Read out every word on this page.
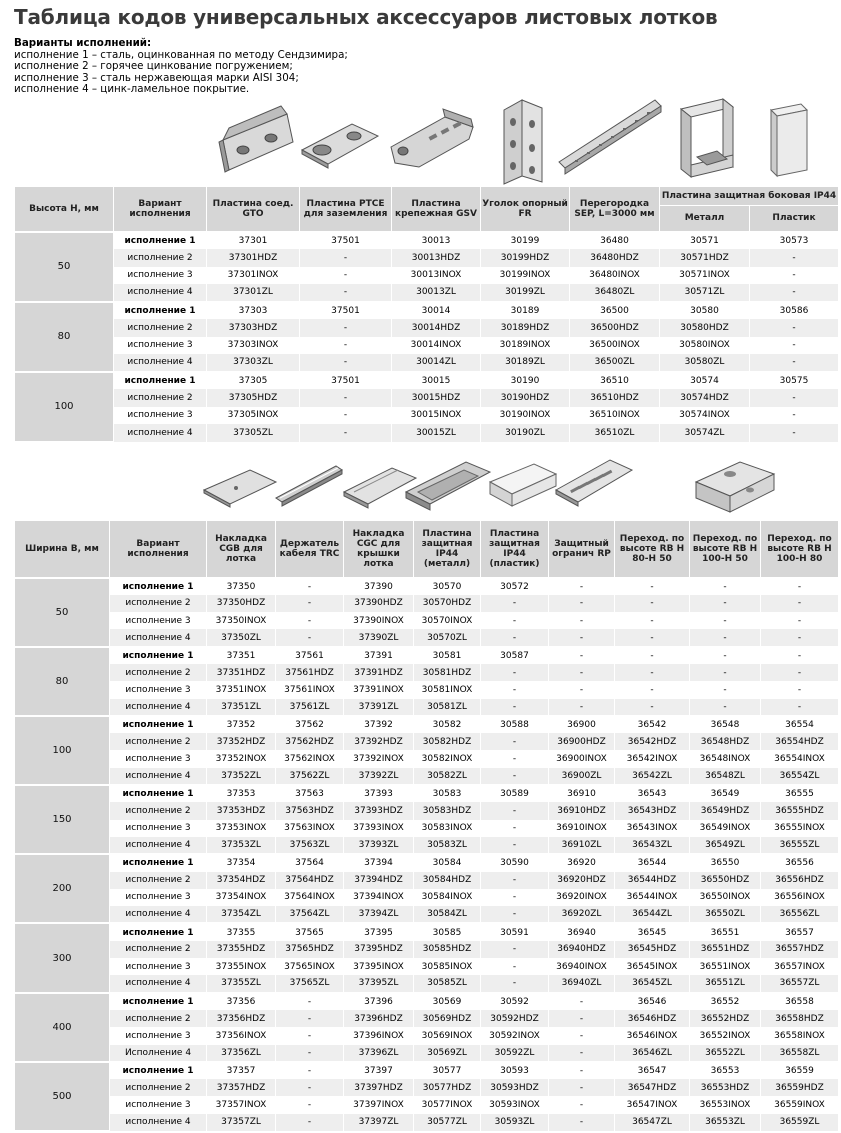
Таблица кодов универсальных аксессуаров листовых лотков
Варианты исполнений:
исполнение 1 – сталь, оцинкованная по методу Сендзимира;
исполнение 2 – горячее цинкование погружением;
исполнение 3 – сталь нержавеющая марки AISI 304;
исполнение 4 – цинк-ламельное покрытие.
Высота H, мм	Вариант исполнения	Пластина соед. GTO	Пластина PTCE для заземления	Пластина крепежная GSV	Уголок опорный FR	Перегородка SEP, L=3000 мм	Пластина защитная боковая IP44	
							Металл	Пластик
50	исполнение 1	37301	37501	30013	30199	36480	30571	30573
	исполнение 2	37301HDZ	-	30013HDZ	30199HDZ	36480HDZ	30571HDZ	-
	исполнение 3	37301INOX	-	30013INOX	30199INOX	36480INOX	30571INOX	-
	исполнение 4	37301ZL	-	30013ZL	30199ZL	36480ZL	30571ZL	-
80	исполнение 1	37303	37501	30014	30189	36500	30580	30586
	исполнение 2	37303HDZ	-	30014HDZ	30189HDZ	36500HDZ	30580HDZ	-
	исполнение 3	37303INOX	-	30014INOX	30189INOX	36500INOX	30580INOX	-
	исполнение 4	37303ZL	-	30014ZL	30189ZL	36500ZL	30580ZL	-
100	исполнение 1	37305	37501	30015	30190	36510	30574	30575
	исполнение 2	37305HDZ	-	30015HDZ	30190HDZ	36510HDZ	30574HDZ	-
	исполнение 3	37305INOX	-	30015INOX	30190INOX	36510INOX	30574INOX	-
	исполнение 4	37305ZL	-	30015ZL	30190ZL	36510ZL	30574ZL	-
Ширина B, мм	Вариант исполнения	Накладка CGB для лотка	Держатель кабеля TRC	Накладка CGC для крышки лотка	Пластина защитная IP44 (металл)	Пластина защитная IP44 (пластик)	Защитный огранич RP	Переход. по высоте RB H 80-H 50	Переход. по высоте RB H 100-H 50	Переход. по высоте RB H 100-H 80
50	исполнение 1	37350	-	37390	30570	30572	-	-	-	-
	исполнение 2	37350HDZ	-	37390HDZ	30570HDZ	-	-	-	-	-
	исполнение 3	37350INOX	-	37390INOX	30570INOX	-	-	-	-	-
	исполнение 4	37350ZL	-	37390ZL	30570ZL	-	-	-	-	-
80	исполнение 1	37351	37561	37391	30581	30587	-	-	-	-
	исполнение 2	37351HDZ	37561HDZ	37391HDZ	30581HDZ	-	-	-	-	-
	исполнение 3	37351INOX	37561INOX	37391INOX	30581INOX	-	-	-	-	-
	исполнение 4	37351ZL	37561ZL	37391ZL	30581ZL	-	-	-	-	-
100	исполнение 1	37352	37562	37392	30582	30588	36900	36542	36548	36554
	исполнение 2	37352HDZ	37562HDZ	37392HDZ	30582HDZ	-	36900HDZ	36542HDZ	36548HDZ	36554HDZ
	исполнение 3	37352INOX	37562INOX	37392INOX	30582INOX	-	36900INOX	36542INOX	36548INOX	36554INOX
	исполнение 4	37352ZL	37562ZL	37392ZL	30582ZL	-	36900ZL	36542ZL	36548ZL	36554ZL
150	исполнение 1	37353	37563	37393	30583	30589	36910	36543	36549	36555
	исполнение 2	37353HDZ	37563HDZ	37393HDZ	30583HDZ	-	36910HDZ	36543HDZ	36549HDZ	36555HDZ
	исполнение 3	37353INOX	37563INOX	37393INOX	30583INOX	-	36910INOX	36543INOX	36549INOX	36555INOX
	исполнение 4	37353ZL	37563ZL	37393ZL	30583ZL	-	36910ZL	36543ZL	36549ZL	36555ZL
200	исполнение 1	37354	37564	37394	30584	30590	36920	36544	36550	36556
	исполнение 2	37354HDZ	37564HDZ	37394HDZ	30584HDZ	-	36920HDZ	36544HDZ	36550HDZ	36556HDZ
	исполнение 3	37354INOX	37564INOX	37394INOX	30584INOX	-	36920INOX	36544INOX	36550INOX	36556INOX
	исполнение 4	37354ZL	37564ZL	37394ZL	30584ZL	-	36920ZL	36544ZL	36550ZL	36556ZL
300	исполнение 1	37355	37565	37395	30585	30591	36940	36545	36551	36557
	исполнение 2	37355HDZ	37565HDZ	37395HDZ	30585HDZ	-	36940HDZ	36545HDZ	36551HDZ	36557HDZ
	исполнение 3	37355INOX	37565INOX	37395INOX	30585INOX	-	36940INOX	36545INOX	36551INOX	36557INOX
	исполнение 4	37355ZL	37565ZL	37395ZL	30585ZL	-	36940ZL	36545ZL	36551ZL	36557ZL
400	исполнение 1	37356	-	37396	30569	30592	-	36546	36552	36558
	исполнение 2	37356HDZ	-	37396HDZ	30569HDZ	30592HDZ	-	36546HDZ	36552HDZ	36558HDZ
	исполнение 3	37356INOX	-	37396INOX	30569INOX	30592INOX	-	36546INOX	36552INOX	36558INOX
	Исполнение 4	37356ZL	-	37396ZL	30569ZL	30592ZL	-	36546ZL	36552ZL	36558ZL
500	исполнение 1	37357	-	37397	30577	30593	-	36547	36553	36559
	исполнение 2	37357HDZ	-	37397HDZ	30577HDZ	30593HDZ	-	36547HDZ	36553HDZ	36559HDZ
	исполнение 3	37357INOX	-	37397INOX	30577INOX	30593INOX	-	36547INOX	36553INOX	36559INOX
	исполнение 4	37357ZL	-	37397ZL	30577ZL	30593ZL	-	36547ZL	36553ZL	36559ZL
